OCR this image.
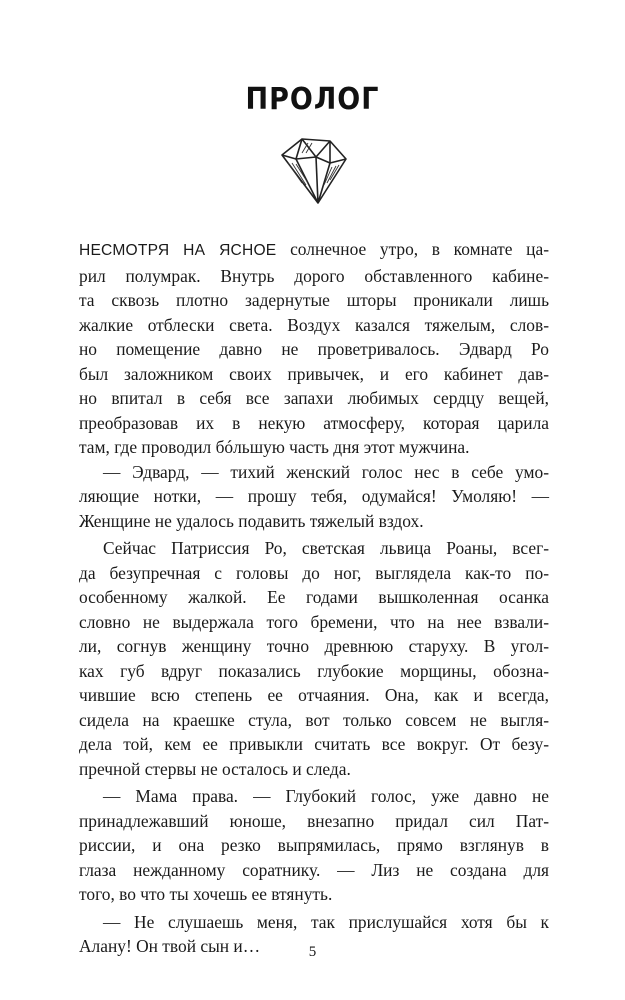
ПРОЛОГ
НЕСМОТРЯ НА ЯСНОЕ солнечное утро, в комнате ца-
рил полумрак. Внутрь дорого обставленного кабине-
та сквозь плотно задернутые шторы проникали лишь
жалкие отблески света. Воздух казался тяжелым, слов-
но помещение давно не проветривалось. Эдвард Ро
был заложником своих привычек, и его кабинет дав-
но впитал в себя все запахи любимых сердцу вещей,
преобразовав их в некую атмосферу, которая царила
там, где проводил бóльшую часть дня этот мужчина.
— Эдвард, — тихий женский голос нес в себе умо-
ляющие нотки, — прошу тебя, одумайся! Умоляю! —
Женщине не удалось подавить тяжелый вздох.
Сейчас Патриссия Ро, светская львица Роаны, всег-
да безупречная с головы до ног, выглядела как-то по-
особенному жалкой. Ее годами вышколенная осанка
словно не выдержала того бремени, что на нее взвали-
ли, согнув женщину точно древнюю старуху. В угол-
ках губ вдруг показались глубокие морщины, обозна-
чившие всю степень ее отчаяния. Она, как и всегда,
сидела на краешке стула, вот только совсем не выгля-
дела той, кем ее привыкли считать все вокруг. От безу-
пречной стервы не осталось и следа.
— Мама права. — Глубокий голос, уже давно не
принадлежавший юноше, внезапно придал сил Пат-
риссии, и она резко выпрямилась, прямо взглянув в
глаза нежданному соратнику. — Лиз не создана для
того, во что ты хочешь ее втянуть.
— Не слушаешь меня, так прислушайся хотя бы к
Алану! Он твой сын и…	5
